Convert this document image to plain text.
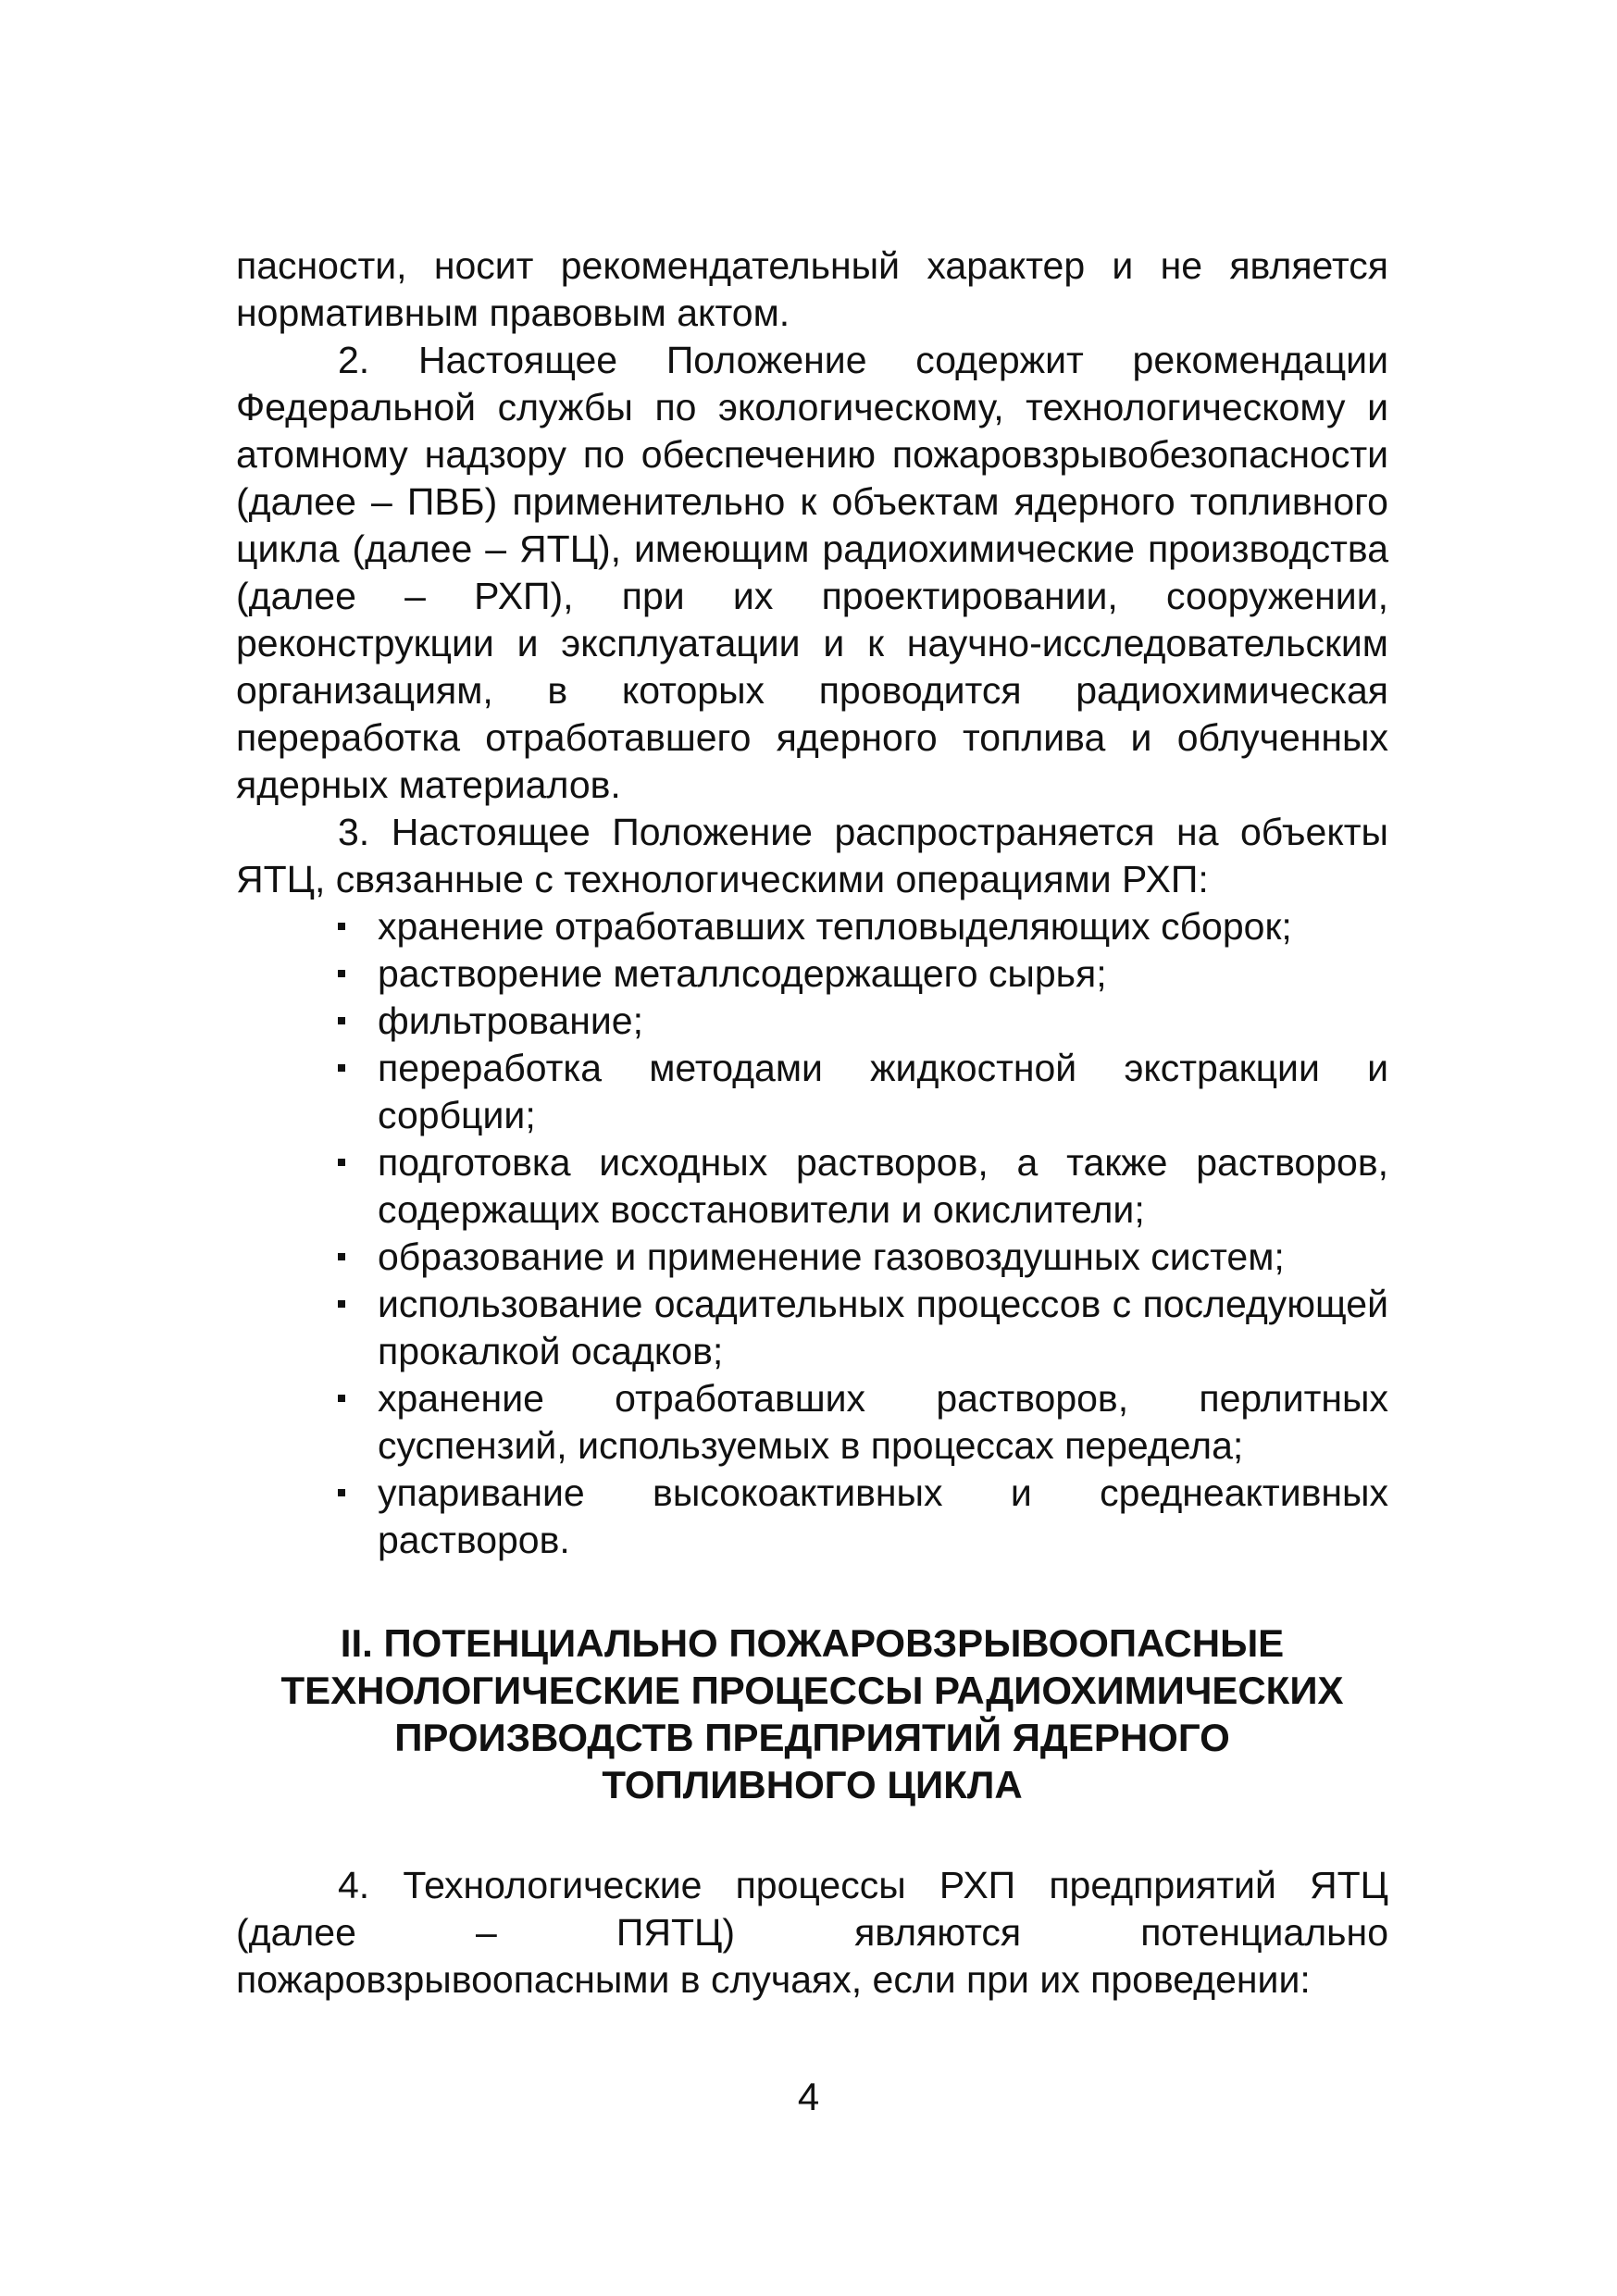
пасности, носит рекомендательный характер и не является нормативным правовым актом.

2. Настоящее Положение содержит рекомендации Федеральной службы по экологическому, технологическому и атомному надзору по обеспечению пожаровзрывобезопасности (далее – ПВБ) применительно к объектам ядерного топливного цикла (далее – ЯТЦ), имеющим радиохимические производства (далее – РХП), при их проектировании, сооружении, реконструкции и эксплуатации и к научно-исследовательским организациям, в которых проводится радиохимическая переработка отработавшего ядерного топлива и облученных ядерных материалов.

3. Настоящее Положение распространяется на объекты ЯТЦ, связанные с технологическими операциями РХП:

хранение отработавших тепловыделяющих сборок;
растворение металлсодержащего сырья;
фильтрование;
переработка методами жидкостной экстракции и сорбции;
подготовка исходных растворов, а также растворов, содержащих восстановители и окислители;
образование и применение газовоздушных систем;
использование осадительных процессов с последующей прокалкой осадков;
хранение отработавших растворов, перлитных суспензий, используемых в процессах передела;
упаривание высокоактивных и среднеактивных растворов.
II. ПОТЕНЦИАЛЬНО ПОЖАРОВЗРЫВООПАСНЫЕ
ТЕХНОЛОГИЧЕСКИЕ ПРОЦЕССЫ РАДИОХИМИЧЕСКИХ
ПРОИЗВОДСТВ ПРЕДПРИЯТИЙ ЯДЕРНОГО
ТОПЛИВНОГО ЦИКЛА

4. Технологические процессы РХП предприятий ЯТЦ (далее – ПЯТЦ) являются потенциально пожаровзрывоопасными в случаях, если при их проведении:

4
